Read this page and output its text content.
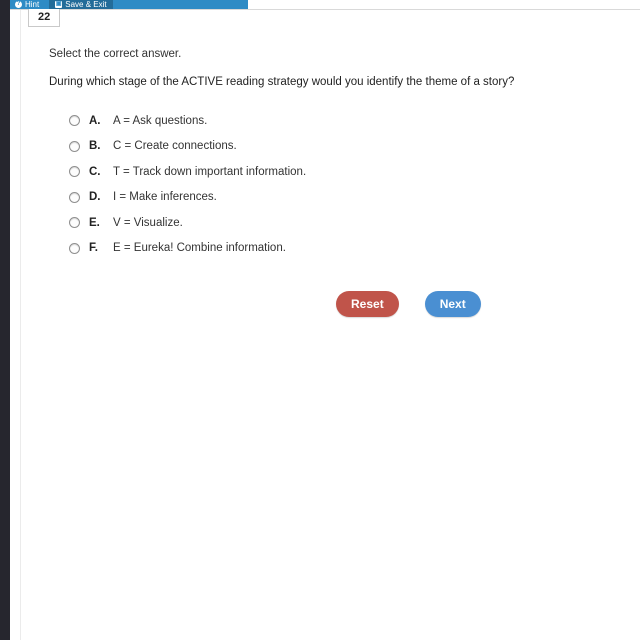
? Hint	▣ Save & Exit
22

Select the correct answer.

During which stage of the ACTIVE reading strategy would you identify the theme of a story?

A.	A = Ask questions.
B.	C = Create connections.
C.	T = Track down important information.
D.	I = Make inferences.
E.	V = Visualize.
F.	E = Eureka! Combine information.
Reset	Next
